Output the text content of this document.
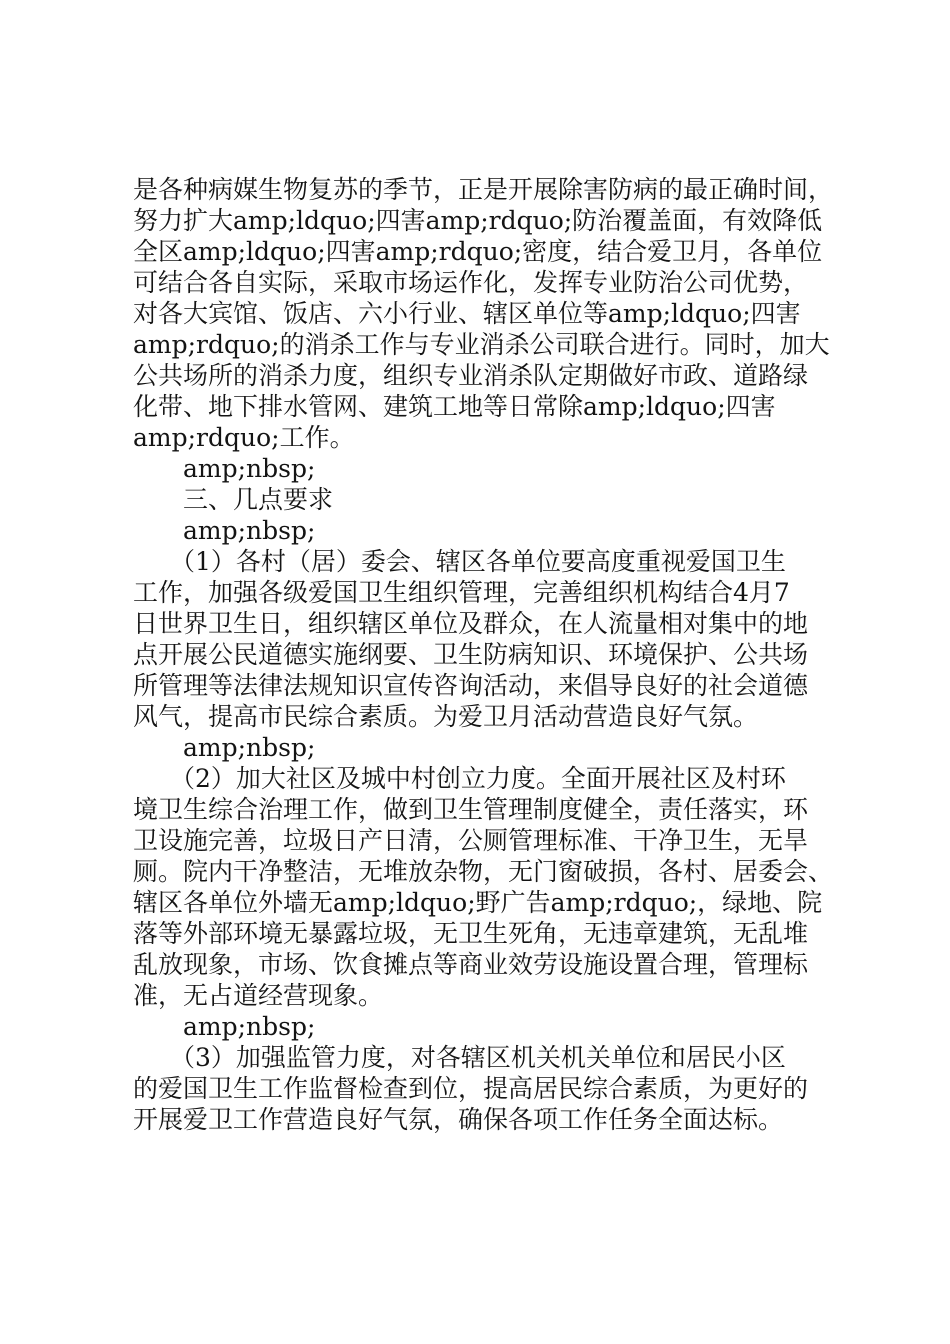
是各种病媒生物复苏的季节，正是开展除害防病的最正确时间，
努力扩大amp;ldquo;四害amp;rdquo;防治覆盖面，有效降低
全区amp;ldquo;四害amp;rdquo;密度，结合爱卫月，各单位
可结合各自实际，采取市场运作化，发挥专业防治公司优势，
对各大宾馆、饭店、六小行业、辖区单位等amp;ldquo;四害
amp;rdquo;的消杀工作与专业消杀公司联合进行。同时，加大
公共场所的消杀力度，组织专业消杀队定期做好市政、道路绿
化带、地下排水管网、建筑工地等日常除amp;ldquo;四害
amp;rdquo;工作。
amp;nbsp;
三、几点要求
amp;nbsp;
（1）各村（居）委会、辖区各单位要高度重视爱国卫生
工作，加强各级爱国卫生组织管理，完善组织机构结合4月7
日世界卫生日，组织辖区单位及群众，在人流量相对集中的地
点开展公民道德实施纲要、卫生防病知识、环境保护、公共场
所管理等法律法规知识宣传咨询活动，来倡导良好的社会道德
风气，提高市民综合素质。为爱卫月活动营造良好气氛。
amp;nbsp;
（2）加大社区及城中村创立力度。全面开展社区及村环
境卫生综合治理工作，做到卫生管理制度健全，责任落实，环
卫设施完善，垃圾日产日清，公厕管理标准、干净卫生，无旱
厕。院内干净整洁，无堆放杂物，无门窗破损，各村、居委会、
辖区各单位外墙无amp;ldquo;野广告amp;rdquo;，绿地、院
落等外部环境无暴露垃圾，无卫生死角，无违章建筑，无乱堆
乱放现象，市场、饮食摊点等商业效劳设施设置合理，管理标
准，无占道经营现象。
amp;nbsp;
（3）加强监管力度，对各辖区机关机关单位和居民小区
的爱国卫生工作监督检查到位，提高居民综合素质，为更好的
开展爱卫工作营造良好气氛，确保各项工作任务全面达标。
